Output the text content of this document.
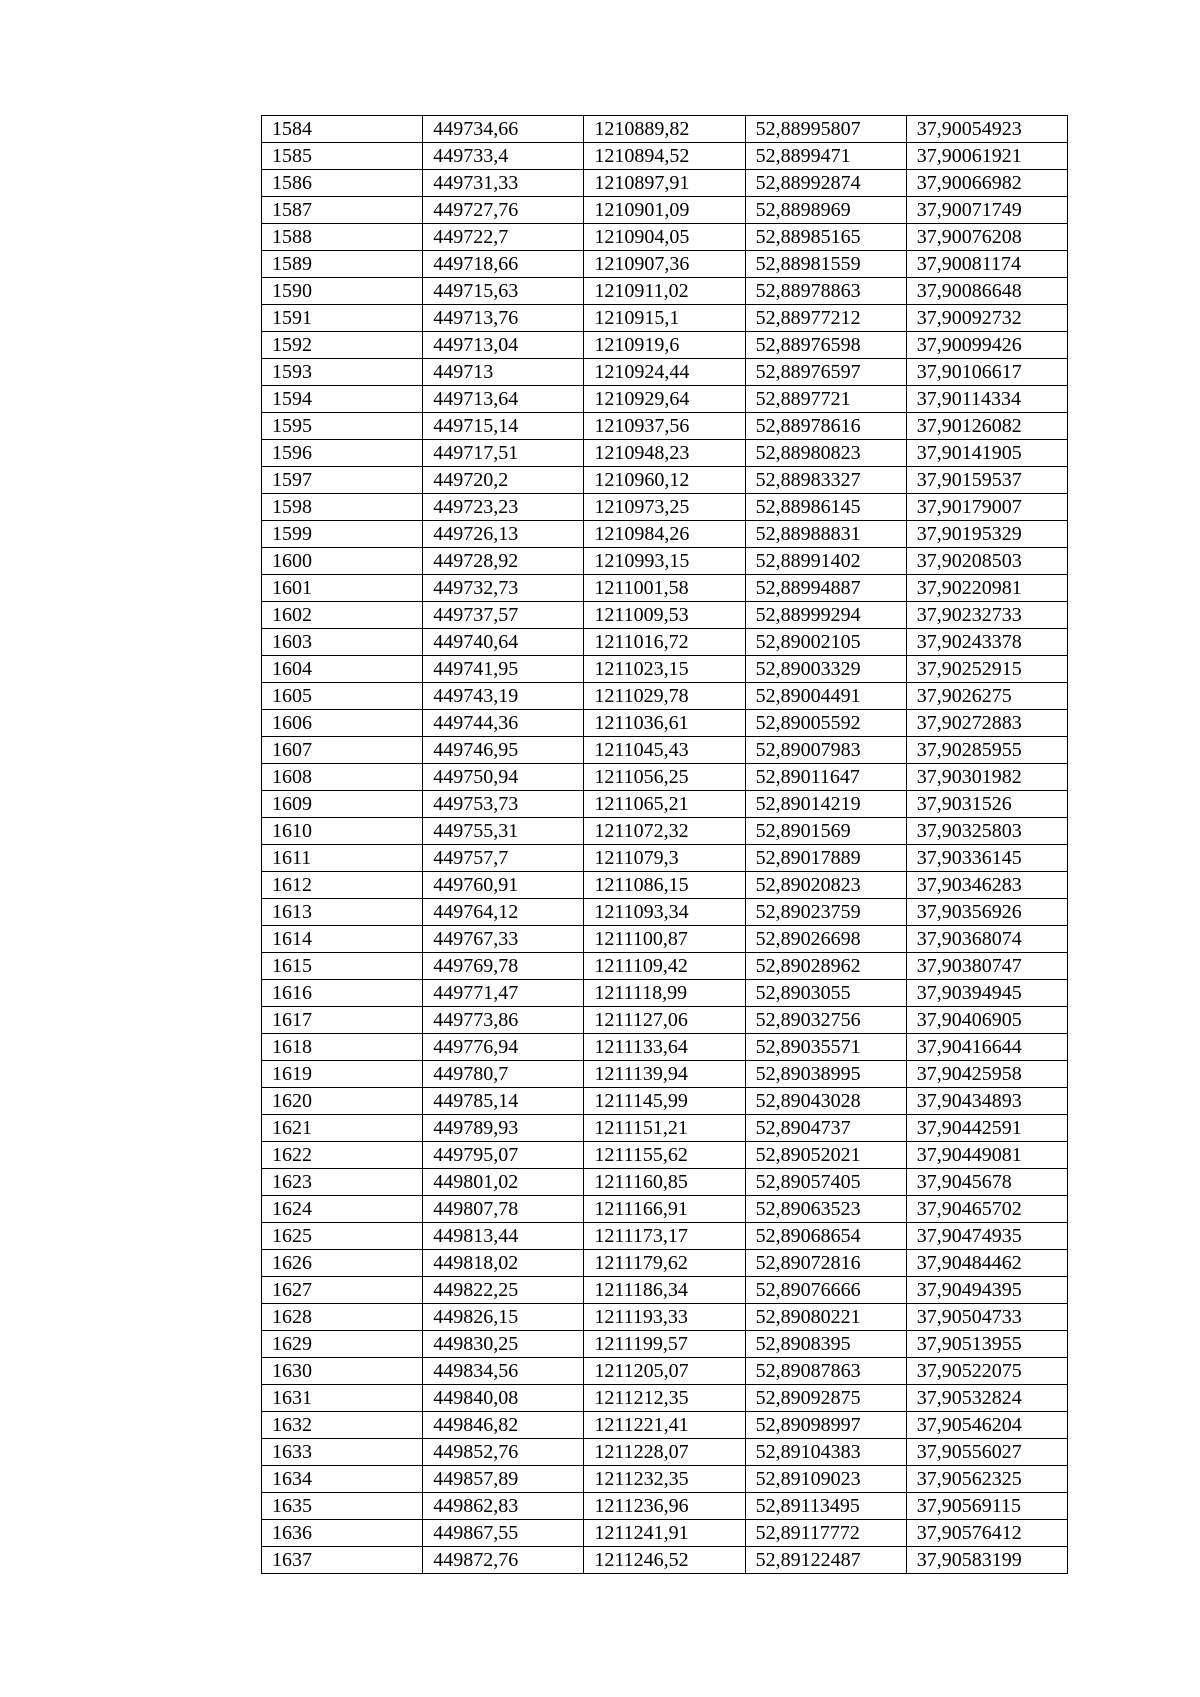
1584	449734,66	1210889,82	52,88995807	37,90054923
1585	449733,4	1210894,52	52,8899471	37,90061921
1586	449731,33	1210897,91	52,88992874	37,90066982
1587	449727,76	1210901,09	52,8898969	37,90071749
1588	449722,7	1210904,05	52,88985165	37,90076208
1589	449718,66	1210907,36	52,88981559	37,90081174
1590	449715,63	1210911,02	52,88978863	37,90086648
1591	449713,76	1210915,1	52,88977212	37,90092732
1592	449713,04	1210919,6	52,88976598	37,90099426
1593	449713	1210924,44	52,88976597	37,90106617
1594	449713,64	1210929,64	52,8897721	37,90114334
1595	449715,14	1210937,56	52,88978616	37,90126082
1596	449717,51	1210948,23	52,88980823	37,90141905
1597	449720,2	1210960,12	52,88983327	37,90159537
1598	449723,23	1210973,25	52,88986145	37,90179007
1599	449726,13	1210984,26	52,88988831	37,90195329
1600	449728,92	1210993,15	52,88991402	37,90208503
1601	449732,73	1211001,58	52,88994887	37,90220981
1602	449737,57	1211009,53	52,88999294	37,90232733
1603	449740,64	1211016,72	52,89002105	37,90243378
1604	449741,95	1211023,15	52,89003329	37,90252915
1605	449743,19	1211029,78	52,89004491	37,9026275
1606	449744,36	1211036,61	52,89005592	37,90272883
1607	449746,95	1211045,43	52,89007983	37,90285955
1608	449750,94	1211056,25	52,89011647	37,90301982
1609	449753,73	1211065,21	52,89014219	37,9031526
1610	449755,31	1211072,32	52,8901569	37,90325803
1611	449757,7	1211079,3	52,89017889	37,90336145
1612	449760,91	1211086,15	52,89020823	37,90346283
1613	449764,12	1211093,34	52,89023759	37,90356926
1614	449767,33	1211100,87	52,89026698	37,90368074
1615	449769,78	1211109,42	52,89028962	37,90380747
1616	449771,47	1211118,99	52,8903055	37,90394945
1617	449773,86	1211127,06	52,89032756	37,90406905
1618	449776,94	1211133,64	52,89035571	37,90416644
1619	449780,7	1211139,94	52,89038995	37,90425958
1620	449785,14	1211145,99	52,89043028	37,90434893
1621	449789,93	1211151,21	52,8904737	37,90442591
1622	449795,07	1211155,62	52,89052021	37,90449081
1623	449801,02	1211160,85	52,89057405	37,9045678
1624	449807,78	1211166,91	52,89063523	37,90465702
1625	449813,44	1211173,17	52,89068654	37,90474935
1626	449818,02	1211179,62	52,89072816	37,90484462
1627	449822,25	1211186,34	52,89076666	37,90494395
1628	449826,15	1211193,33	52,89080221	37,90504733
1629	449830,25	1211199,57	52,8908395	37,90513955
1630	449834,56	1211205,07	52,89087863	37,90522075
1631	449840,08	1211212,35	52,89092875	37,90532824
1632	449846,82	1211221,41	52,89098997	37,90546204
1633	449852,76	1211228,07	52,89104383	37,90556027
1634	449857,89	1211232,35	52,89109023	37,90562325
1635	449862,83	1211236,96	52,89113495	37,90569115
1636	449867,55	1211241,91	52,89117772	37,90576412
1637	449872,76	1211246,52	52,89122487	37,90583199
